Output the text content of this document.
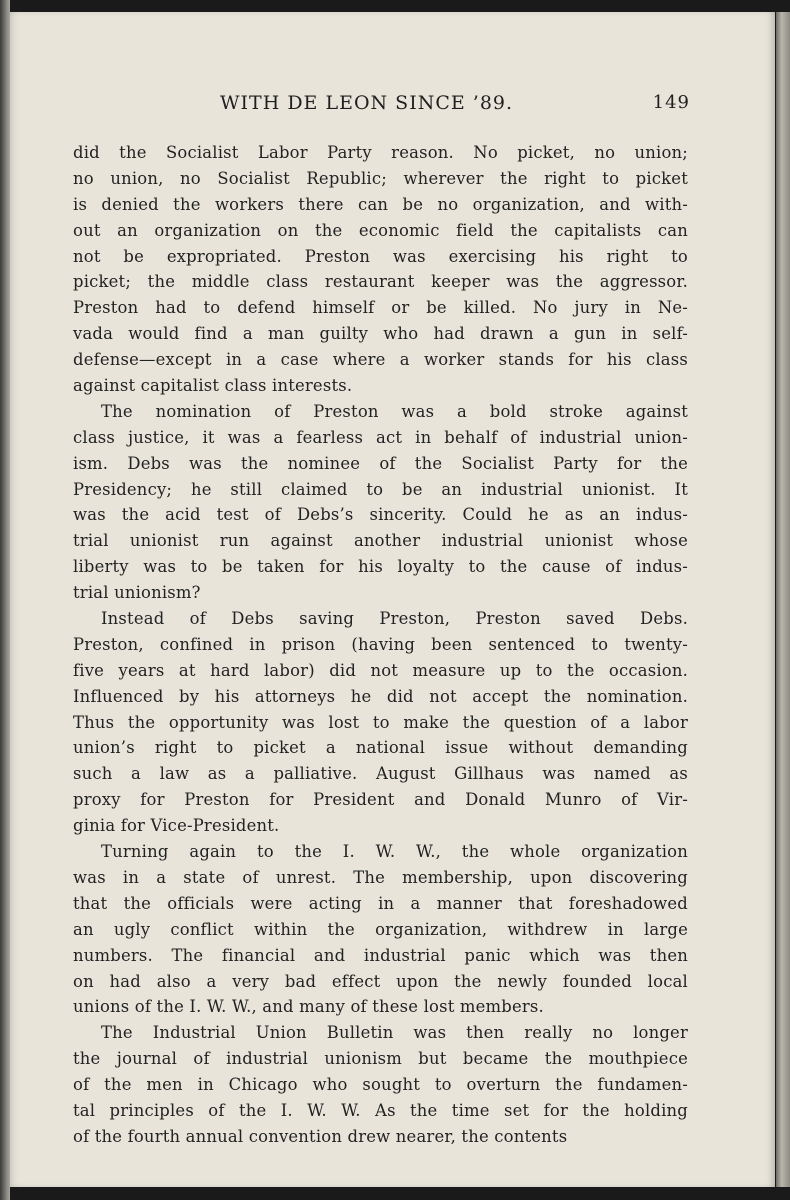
WITH DE LEON SINCE ’89.	149
did the Socialist Labor Party reason. No picket, no union;
no union, no Socialist Republic; wherever the right to picket
is denied the workers there can be no organization, and with-
out an organization on the economic field the capitalists can
not be expropriated. Preston was exercising his right to
picket; the middle class restaurant keeper was the aggressor.
Preston had to defend himself or be killed. No jury in Ne-
vada would find a man guilty who had drawn a gun in self-
defense—except in a case where a worker stands for his class
against capitalist class interests.
The nomination of Preston was a bold stroke against
class justice, it was a fearless act in behalf of industrial union-
ism. Debs was the nominee of the Socialist Party for the
Presidency; he still claimed to be an industrial unionist. It
was the acid test of Debs’s sincerity. Could he as an indus-
trial unionist run against another industrial unionist whose
liberty was to be taken for his loyalty to the cause of indus-
trial unionism?
Instead of Debs saving Preston, Preston saved Debs.
Preston, confined in prison (having been sentenced to twenty-
five years at hard labor) did not measure up to the occasion.
Influenced by his attorneys he did not accept the nomination.
Thus the opportunity was lost to make the question of a labor
union’s right to picket a national issue without demanding
such a law as a palliative. August Gillhaus was named as
proxy for Preston for President and Donald Munro of Vir-
ginia for Vice-President.
Turning again to the I. W. W., the whole organization
was in a state of unrest. The membership, upon discovering
that the officials were acting in a manner that foreshadowed
an ugly conflict within the organization, withdrew in large
numbers. The financial and industrial panic which was then
on had also a very bad effect upon the newly founded local
unions of the I. W. W., and many of these lost members.
The Industrial Union Bulletin was then really no longer
the journal of industrial unionism but became the mouthpiece
of the men in Chicago who sought to overturn the fundamen-
tal principles of the I. W. W. As the time set for the holding
of the fourth annual convention drew nearer, the contents
